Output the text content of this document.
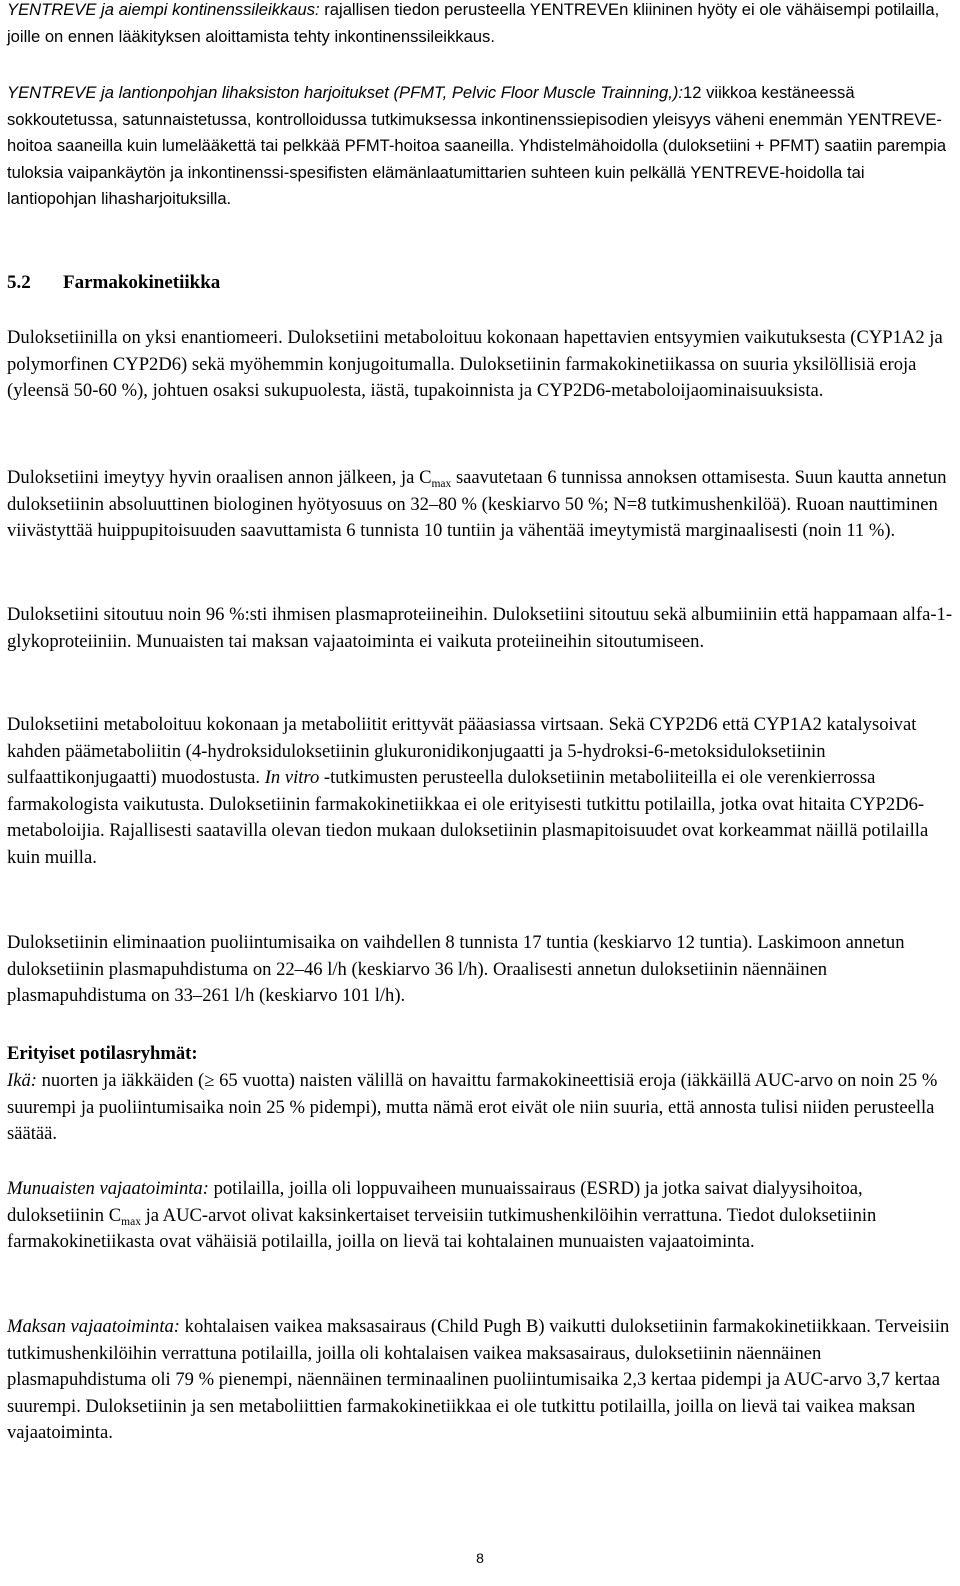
YENTREVE ja aiempi kontinenssileikkaus: rajallisen tiedon perusteella YENTREVEn kliininen hyöty ei ole vähäisempi potilailla, joille on ennen lääkityksen aloittamista tehty inkontinenssileikkaus.

YENTREVE ja lantionpohjan lihaksiston harjoitukset (PFMT, Pelvic Floor Muscle Trainning,):12 viikkoa kestäneessä sokkoutetussa, satunnaistetussa, kontrolloidussa tutkimuksessa inkontinenssiepisodien yleisyys väheni enemmän YENTREVE-hoitoa saaneilla kuin lumelääkettä tai pelkkää PFMT-hoitoa saaneilla. Yhdistelmähoidolla (duloksetiini + PFMT) saatiin parempia tuloksia vaipankäytön ja inkontinenssi-spesifisten elämänlaatumittarien suhteen kuin pelkällä YENTREVE-hoidolla tai lantiopohjan lihasharjoituksilla.

5.2 Farmakokinetiikka

Duloksetiinilla on yksi enantiomeeri. Duloksetiini metaboloituu kokonaan hapettavien entsyymien vaikutuksesta (CYP1A2 ja polymorfinen CYP2D6) sekä myöhemmin konjugoitumalla. Duloksetiinin farmakokinetiikassa on suuria yksilöllisiä eroja (yleensä 50-60 %), johtuen osaksi sukupuolesta, iästä, tupakoinnista ja CYP2D6-metaboloijaominaisuuksista.

Duloksetiini imeytyy hyvin oraalisen annon jälkeen, ja $C_{max}$ saavutetaan 6 tunnissa annoksen ottamisesta. Suun kautta annetun duloksetiinin absoluuttinen biologinen hyötyosuus on 32–80 % (keskiarvo 50 %; N=8 tutkimushenkilöä). Ruoan nauttiminen viivästyttää huippupitoisuuden saavuttamista 6 tunnista 10 tuntiin ja vähentää imeytymistä marginaalisesti (noin 11 %).

Duloksetiini sitoutuu noin 96 %:sti ihmisen plasmaproteiineihin. Duloksetiini sitoutuu sekä albumiiniin että happamaan alfa-1-glykoproteiiniin. Munuaisten tai maksan vajaatoiminta ei vaikuta proteiineihin sitoutumiseen.

Duloksetiini metaboloituu kokonaan ja metaboliitit erittyvät pääasiassa virtsaan. Sekä CYP2D6 että CYP1A2 katalysoivat kahden päämetaboliitin (4-hydroksiduloksetiinin glukuronidikonjugaatti ja 5-hydroksi-6-metoksiduloksetiinin sulfaattikonjugaatti) muodostusta. In vitro -tutkimusten perusteella duloksetiinin metaboliiteilla ei ole verenkierrossa farmakologista vaikutusta. Duloksetiinin farmakokinetiikkaa ei ole erityisesti tutkittu potilailla, jotka ovat hitaita CYP2D6-metaboloijia. Rajallisesti saatavilla olevan tiedon mukaan duloksetiinin plasmapitoisuudet ovat korkeammat näillä potilailla kuin muilla.

Duloksetiinin eliminaation puoliintumisaika on vaihdellen 8 tunnista 17 tuntia (keskiarvo 12 tuntia). Laskimoon annetun duloksetiinin plasmapuhdistuma on 22–46 l/h (keskiarvo 36 l/h). Oraalisesti annetun duloksetiinin näennäinen plasmapuhdistuma on 33–261 l/h (keskiarvo 101 l/h).

Erityiset potilasryhmät:

Ikä: nuorten ja iäkkäiden (≥ 65 vuotta) naisten välillä on havaittu farmakokineettisiä eroja (iäkkäillä AUC-arvo on noin 25 % suurempi ja puoliintumisaika noin 25 % pidempi), mutta nämä erot eivät ole niin suuria, että annosta tulisi niiden perusteella säätää.

Munuaisten vajaatoiminta: potilailla, joilla oli loppuvaiheen munuaissairaus (ESRD) ja jotka saivat dialyysihoitoa, duloksetiinin $C_{max}$ ja AUC-arvot olivat kaksinkertaiset terveisiin tutkimushenkilöihin verrattuna. Tiedot duloksetiinin farmakokinetiikasta ovat vähäisiä potilailla, joilla on lievä tai kohtalainen munuaisten vajaatoiminta.

Maksan vajaatoiminta: kohtalaisen vaikea maksasairaus (Child Pugh B) vaikutti duloksetiinin farmakokinetiikkaan. Terveisiin tutkimushenkilöihin verrattuna potilailla, joilla oli kohtalaisen vaikea maksasairaus, duloksetiinin näennäinen plasmapuhdistuma oli 79 % pienempi, näennäinen terminaalinen puoliintumisaika 2,3 kertaa pidempi ja AUC-arvo 3,7 kertaa suurempi. Duloksetiinin ja sen metaboliittien farmakokinetiikkaa ei ole tutkittu potilailla, joilla on lievä tai vaikea maksan vajaatoiminta.

8
